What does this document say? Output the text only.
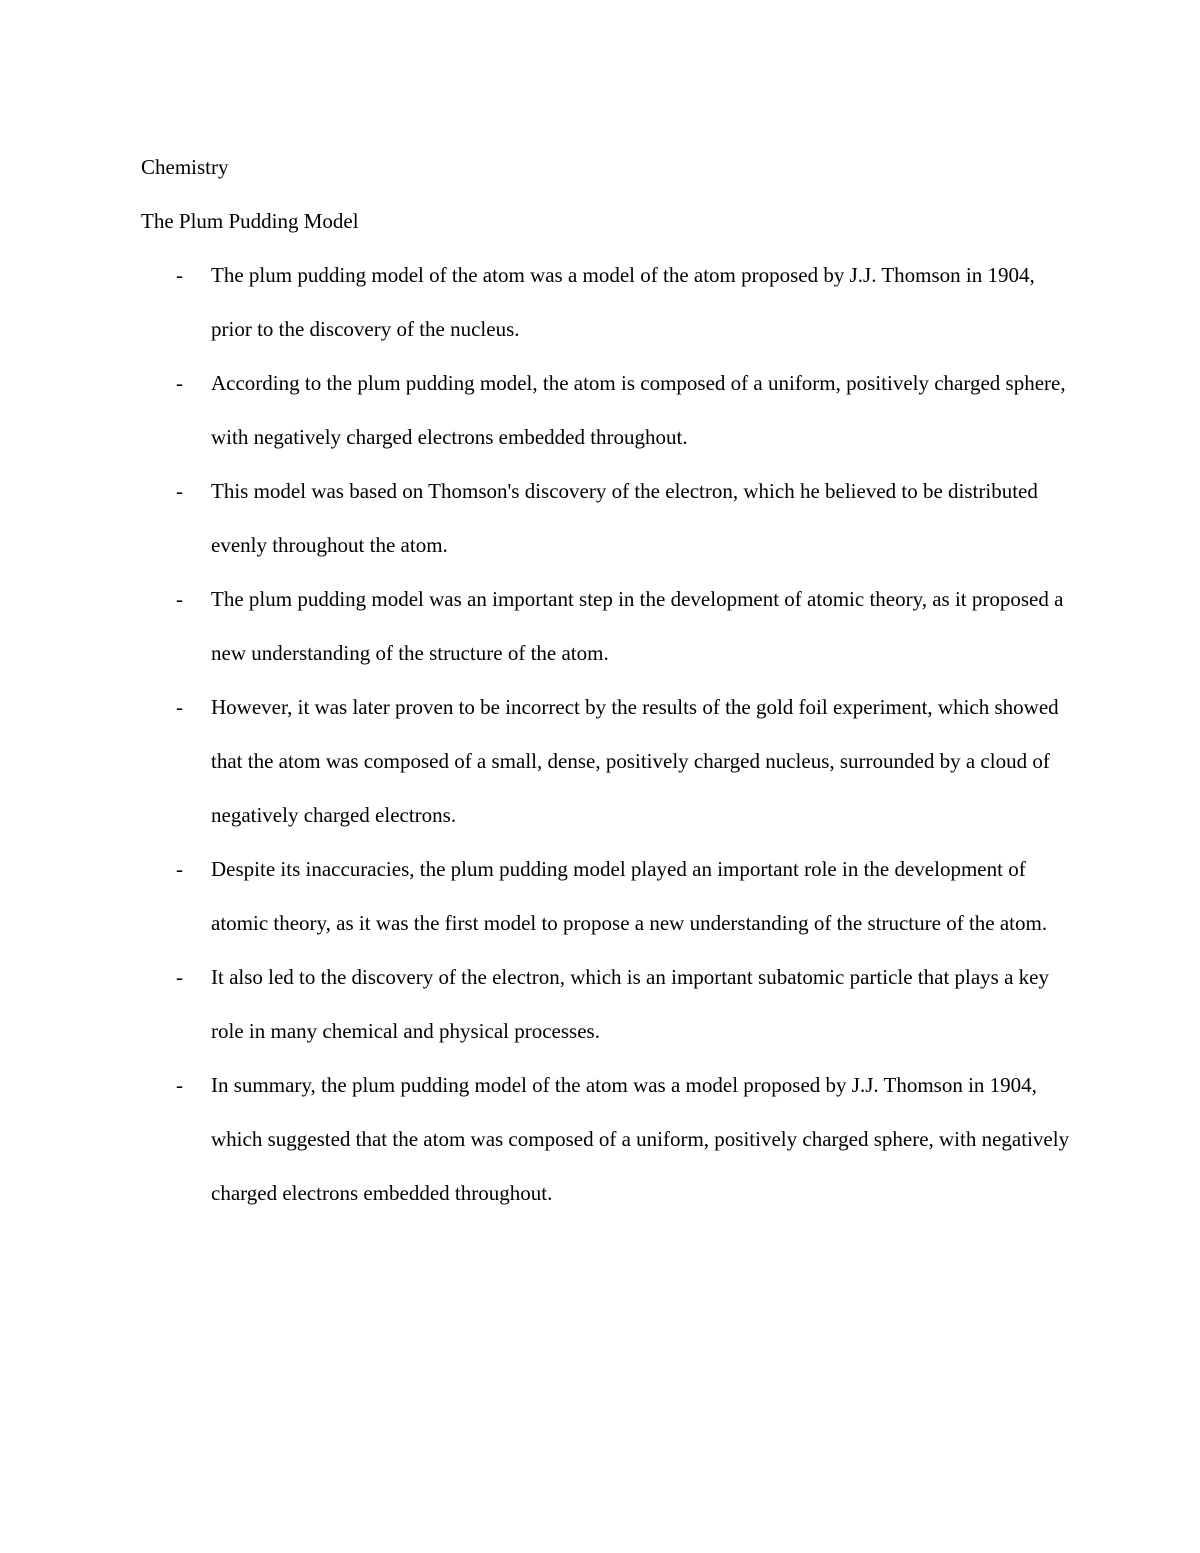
Chemistry

The Plum Pudding Model

- The plum pudding model of the atom was a model of the atom proposed by J.J. Thomson in 1904, prior to the discovery of the nucleus.
- According to the plum pudding model, the atom is composed of a uniform, positively charged sphere, with negatively charged electrons embedded throughout.
- This model was based on Thomson's discovery of the electron, which he believed to be distributed evenly throughout the atom.
- The plum pudding model was an important step in the development of atomic theory, as it proposed a new understanding of the structure of the atom.
- However, it was later proven to be incorrect by the results of the gold foil experiment, which showed that the atom was composed of a small, dense, positively charged nucleus, surrounded by a cloud of negatively charged electrons.
- Despite its inaccuracies, the plum pudding model played an important role in the development of atomic theory, as it was the first model to propose a new understanding of the structure of the atom.
- It also led to the discovery of the electron, which is an important subatomic particle that plays a key role in many chemical and physical processes.
- In summary, the plum pudding model of the atom was a model proposed by J.J. Thomson in 1904, which suggested that the atom was composed of a uniform, positively charged sphere, with negatively charged electrons embedded throughout.
